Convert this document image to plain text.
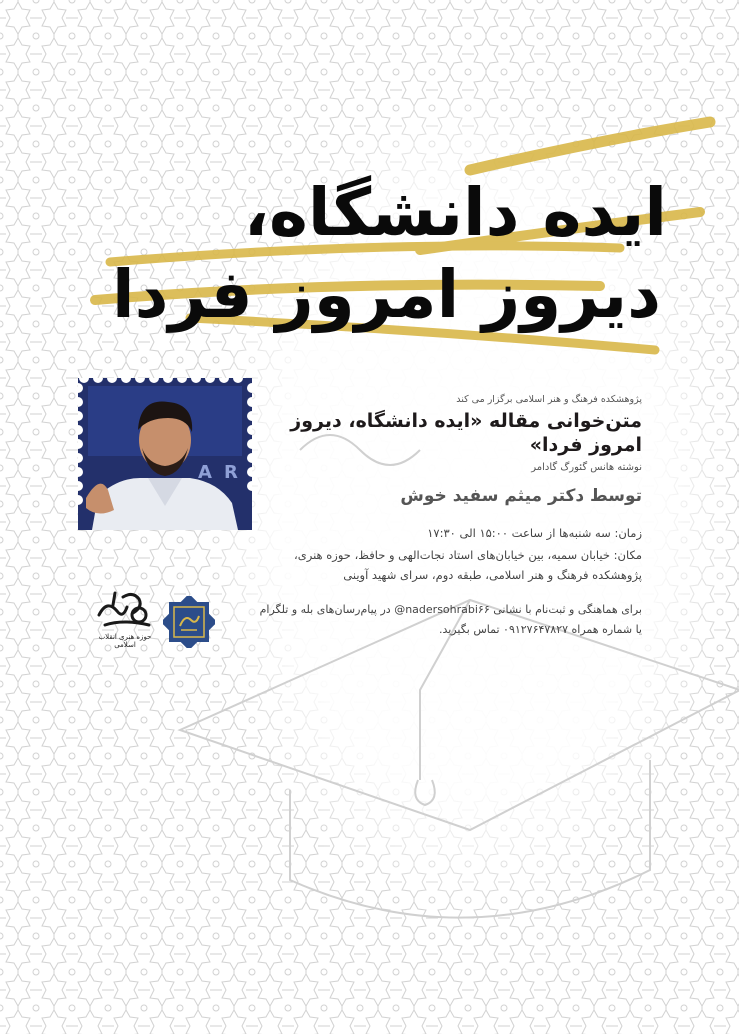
ایده دانشگاه،
دیروز امروز فردا
A R
پژوهشکده فرهنگ و هنر اسلامی برگزار می کند
متن‌خوانی مقاله «ایده دانشگاه، دیروز امروز فردا»
نوشته هانس گئورگ گادامر
توسط دکتر میثم سفید خوش
زمان: سه شنبه‌ها از ساعت ۱۵:۰۰ الی ۱۷:۳۰
مکان: خیابان سمیه، بین خیابان‌های استاد نجات‌الهی و حافظ، حوزه هنری،
پژوهشکده فرهنگ و هنر اسلامی، طبقه دوم، سرای شهید آوینی
برای هماهنگی و ثبت‌نام با نشانی nadersohrabi۶۶@ در پیام‌رسان‌های بله و تلگرام
یا شماره همراه ۰۹۱۲۷۶۴۷۸۲۷ تماس بگیرید.
حوزه هنری انقلاب اسلامی
